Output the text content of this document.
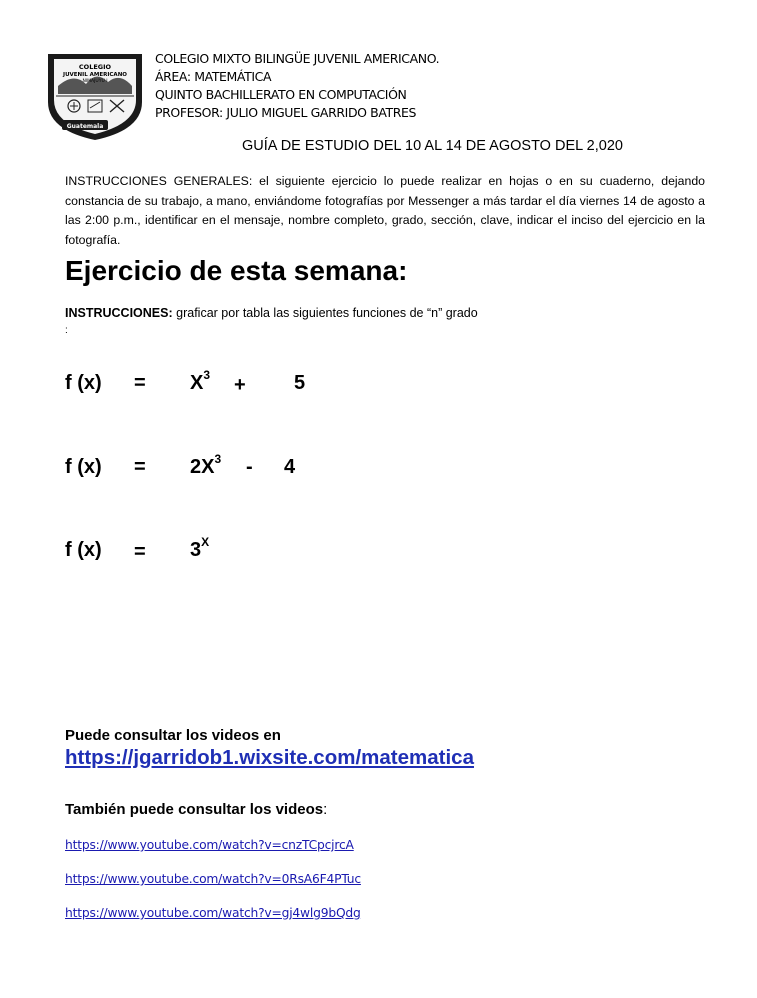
COLEGIO
JUVENIL AMERICANO
NIMAJUYU I
Guatemala
COLEGIO MIXTO BILINGÜE JUVENIL AMERICANO.
ÁREA: MATEMÁTICA
QUINTO BACHILLERATO EN COMPUTACIÓN
PROFESOR: JULIO MIGUEL GARRIDO BATRES
GUÍA DE ESTUDIO DEL 10 AL 14 DE AGOSTO DEL 2,020
INSTRUCCIONES GENERALES: el siguiente ejercicio lo puede realizar en hojas o en su cuaderno, dejando constancia de su trabajo, a mano, enviándome fotografías por Messenger a más tardar el día viernes 14 de agosto a las 2:00 p.m., identificar en el mensaje, nombre completo, grado, sección, clave, indicar el inciso del ejercicio en la fotografía.
Ejercicio de esta semana:
INSTRUCCIONES: graficar por tabla las siguientes funciones de “n” grado
:
f $(x) = X^3 + 5$
f $(x) = 2X^3 - 4$
f $(x) = 3^X$
Puede consultar los videos en
https://jgarridob1.wixsite.com/matematica
También puede consultar los videos:
https://www.youtube.com/watch?v=cnzTCpcjrcA
https://www.youtube.com/watch?v=0RsA6F4PTuc
https://www.youtube.com/watch?v=gj4wlg9bQdg
